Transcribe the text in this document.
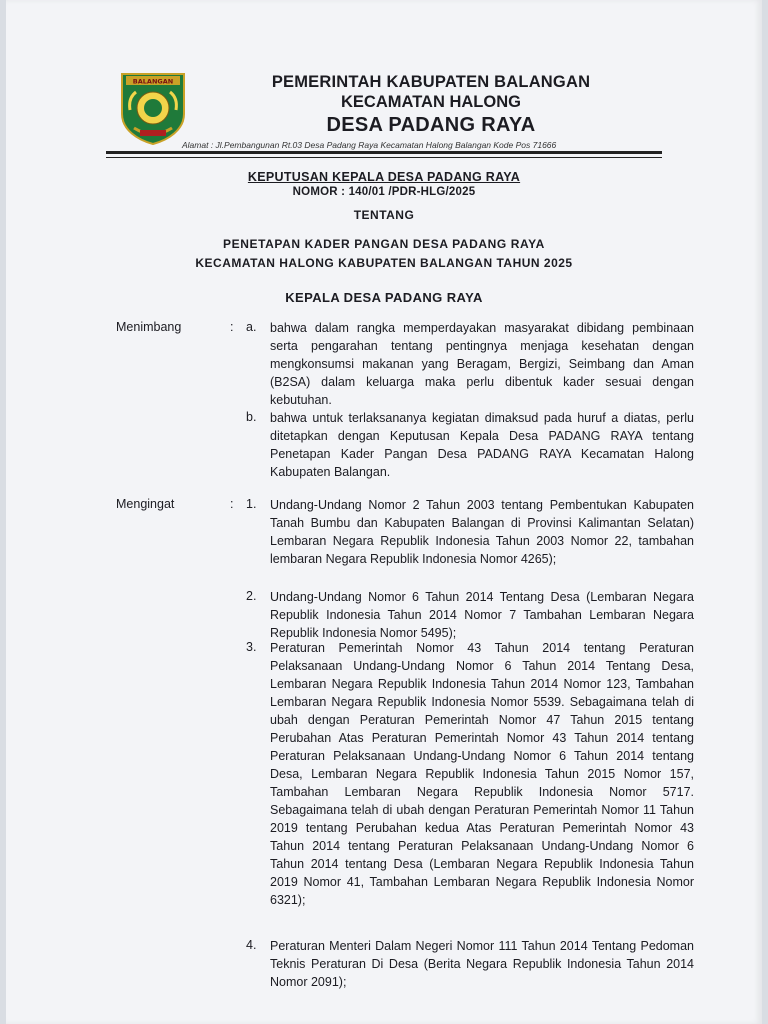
BALANGAN	PEMERINTAH KABUPATEN BALANGAN
KECAMATAN HALONG
DESA PADANG RAYA
Alamat : Jl.Pembangunan Rt.03 Desa Padang Raya Kecamatan Halong Balangan Kode Pos 71666
KEPUTUSAN KEPALA DESA PADANG RAYA
NOMOR : 140/01 /PDR-HLG/2025
TENTANG
PENETAPAN KADER PANGAN DESA PADANG RAYA
KECAMATAN HALONG KABUPATEN BALANGAN TAHUN 2025
KEPALA DESA PADANG RAYA
Menimbang	: a. bahwa dalam rangka memperdayakan masyarakat dibidang pembinaan serta pengarahan tentang pentingnya menjaga kesehatan dengan mengkonsumsi makanan yang Beragam, Bergizi, Seimbang dan Aman (B2SA) dalam keluarga maka perlu dibentuk kader sesuai dengan kebutuhan.
b. bahwa untuk terlaksananya kegiatan dimaksud pada huruf a diatas, perlu ditetapkan dengan Keputusan Kepala Desa PADANG RAYA tentang Penetapan Kader Pangan Desa PADANG RAYA Kecamatan Halong Kabupaten Balangan.
Mengingat	: 1. Undang-Undang Nomor 2 Tahun 2003 tentang Pembentukan Kabupaten Tanah Bumbu dan Kabupaten Balangan di Provinsi Kalimantan Selatan) Lembaran Negara Republik Indonesia Tahun 2003 Nomor 22, tambahan lembaran Negara Republik Indonesia Nomor 4265);
2. Undang-Undang Nomor 6 Tahun 2014 Tentang Desa (Lembaran Negara Republik Indonesia Tahun 2014 Nomor 7 Tambahan Lembaran Negara Republik Indonesia Nomor 5495);
3. Peraturan Pemerintah Nomor 43 Tahun 2014 tentang Peraturan Pelaksanaan Undang-Undang Nomor 6 Tahun 2014 Tentang Desa, Lembaran Negara Republik Indonesia Tahun 2014 Nomor 123, Tambahan Lembaran Negara Republik Indonesia Nomor 5539. Sebagaimana telah di ubah dengan Peraturan Pemerintah Nomor 47 Tahun 2015 tentang Perubahan Atas Peraturan Pemerintah Nomor 43 Tahun 2014 tentang Peraturan Pelaksanaan Undang-Undang Nomor 6 Tahun 2014 tentang Desa, Lembaran Negara Republik Indonesia Tahun 2015 Nomor 157, Tambahan Lembaran Negara Republik Indonesia Nomor 5717. Sebagaimana telah di ubah dengan Peraturan Pemerintah Nomor 11 Tahun 2019 tentang Perubahan kedua Atas Peraturan Pemerintah Nomor 43 Tahun 2014 tentang Peraturan Pelaksanaan Undang-Undang Nomor 6 Tahun 2014 tentang Desa (Lembaran Negara Republik Indonesia Tahun 2019 Nomor 41, Tambahan Lembaran Negara Republik Indonesia Nomor 6321);
4. Peraturan Menteri Dalam Negeri Nomor 111 Tahun 2014 Tentang Pedoman Teknis Peraturan Di Desa (Berita Negara Republik Indonesia Tahun 2014 Nomor 2091);
